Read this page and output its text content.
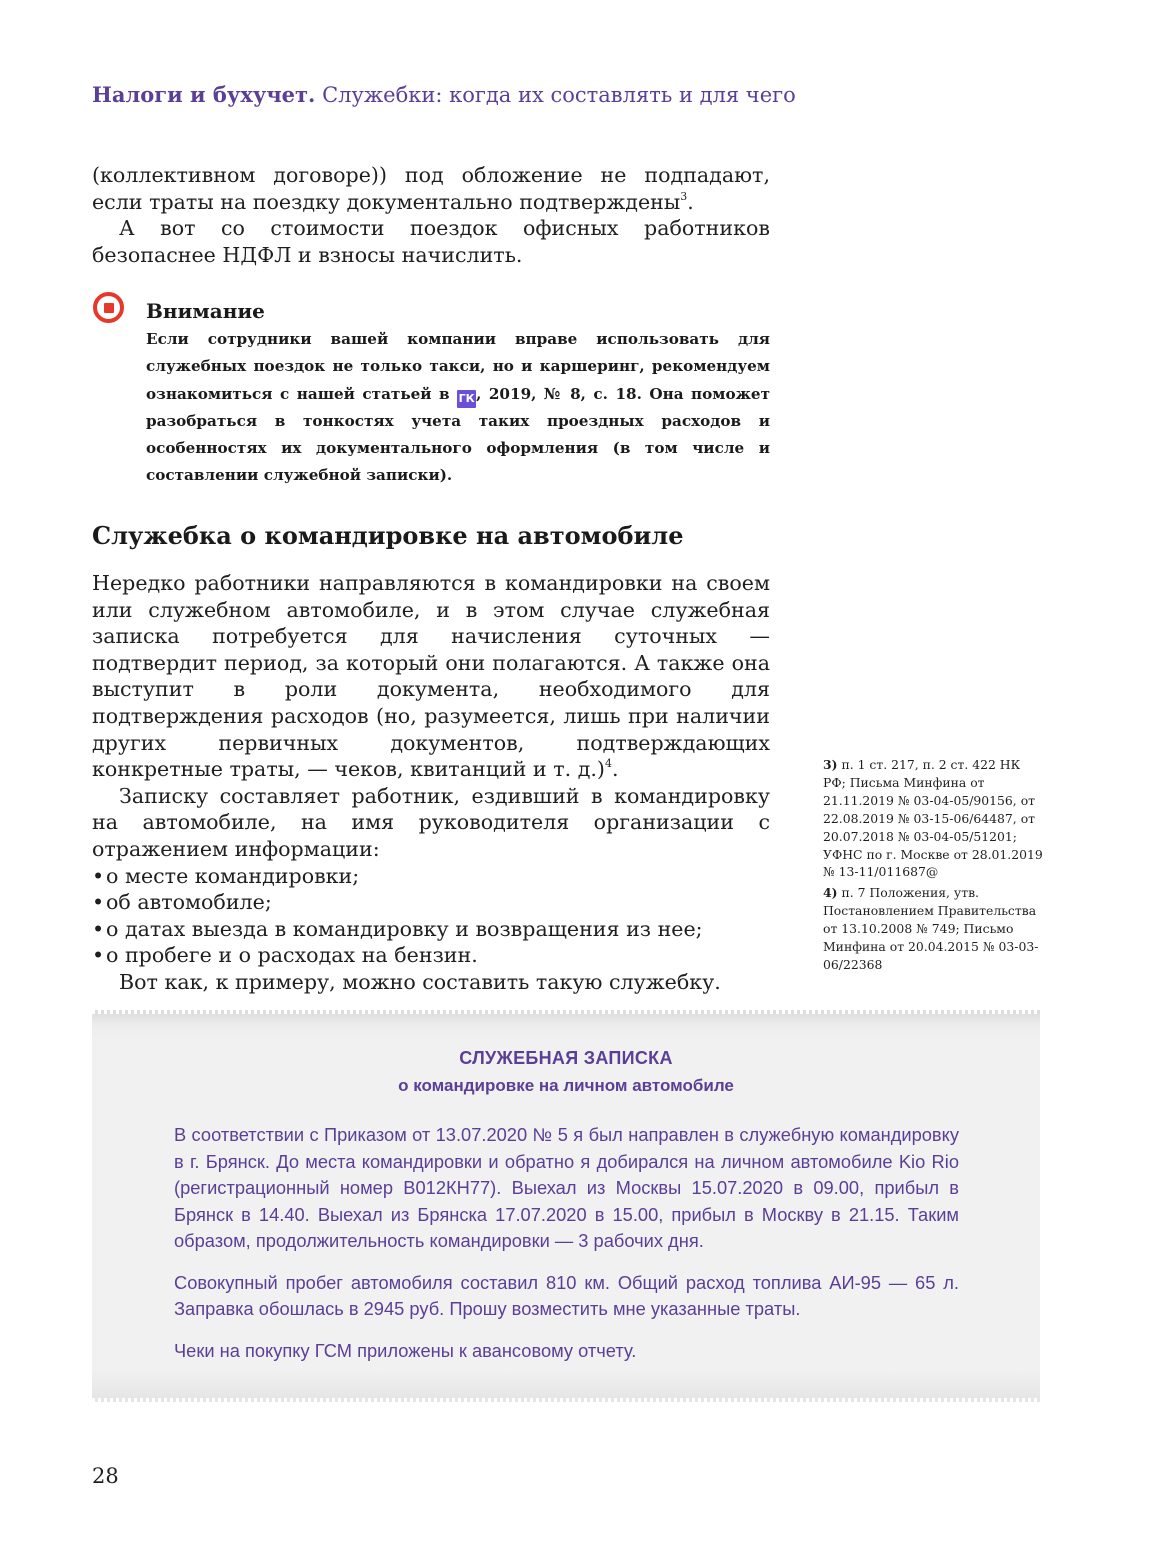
Налоги и бухучет. Служебки: когда их составлять и для чего

(коллективном договоре)) под обложение не подпадают, если траты на поездку документально подтверждены$^3$.

А вот со стоимости поездок офисных работников безопаснее НДФЛ и взносы начислить.

Внимание
Если сотрудники вашей компании вправе использовать для служебных поездок не только такси, но и каршеринг, рекомендуем ознакомиться с нашей статьей в ГК, 2019, № 8, с. 18. Она поможет разобраться в тонкостях учета таких проездных расходов и особенностях их документального оформления (в том числе и составлении служебной записки).
Служебка о командировке на автомобиле

Нередко работники направляются в командировки на своем или служебном автомобиле, и в этом случае служебная записка потребуется для начисления суточных — подтвердит период, за который они полагаются. А также она выступит в роли документа, необходимого для подтверждения расходов (но, разумеется, лишь при наличии других первичных документов, подтверждающих конкретные траты, — чеков, квитанций и т. д.)$^4$.

Записку составляет работник, ездивший в командировку на автомобиле, на имя руководителя организации с отражением информации:

• о месте командировки;
• об автомобиле;
• о датах выезда в командировку и возвращения из нее;
• о пробеге и о расходах на бензин.

Вот как, к примеру, можно составить такую служебку.

3) п. 1 ст. 217, п. 2 ст. 422 НК РФ; Письма Минфина от 21.11.2019 № 03-04-05/90156, от 22.08.2019 № 03-15-06/64487, от 20.07.2018 № 03-04-05/51201; УФНС по г. Москве от 28.01.2019 № 13-11/011687@

4) п. 7 Положения, утв. Постановлением Правительства от 13.10.2008 № 749; Письмо Минфина от 20.04.2015 № 03-03-06/22368

СЛУЖЕБНАЯ ЗАПИСКА
о командировке на личном автомобиле

В соответствии с Приказом от 13.07.2020 № 5 я был направлен в служебную командировку в г. Брянск. До места командировки и обратно я добирался на личном автомобиле Kio Rio (регистрационный номер В012КН77). Выехал из Москвы 15.07.2020 в 09.00, прибыл в Брянск в 14.40. Выехал из Брянска 17.07.2020 в 15.00, прибыл в Москву в 21.15. Таким образом, продолжительность командировки — 3 рабочих дня.

Совокупный пробег автомобиля составил 810 км. Общий расход топлива АИ-95 — 65 л. Заправка обошлась в 2945 руб. Прошу возместить мне указанные траты.

Чеки на покупку ГСМ приложены к авансовому отчету.

28
